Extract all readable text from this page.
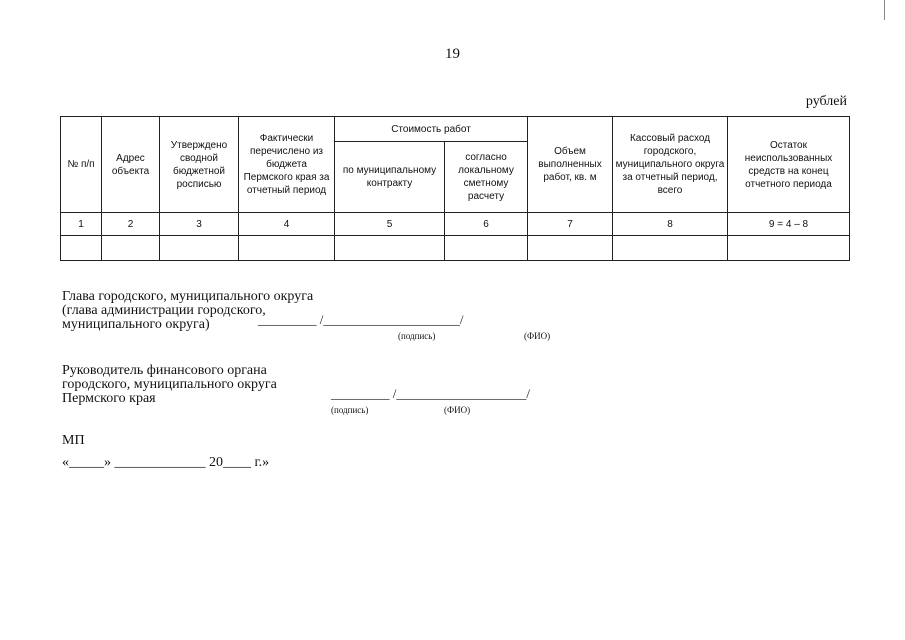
19
рублей
№ п/п	Адрес объекта	Утверждено сводной бюджетной росписью	Фактически перечислено из бюджета Пермского края за отчетный период	Стоимость работ		Объем выполненных работ, кв. м	Кассовый расход городского, муниципального округа за отчетный период, всего	Остаток неиспользованных средств на конец отчетного периода
				по муниципальному контракту	согласно локальному сметному расчету			
1	2	3	4	5	6	7	8	9 = 4 – 8

Глава городского, муниципального округа
(глава администрации городского,
муниципального округа)	_________ /_____________________/
(подпись)	(ФИО)
Руководитель финансового органа
городского, муниципального округа
Пермского края	_________ /____________________/
(подпись)	(ФИО)
МП
«_____» _____________ 20____ г.»
